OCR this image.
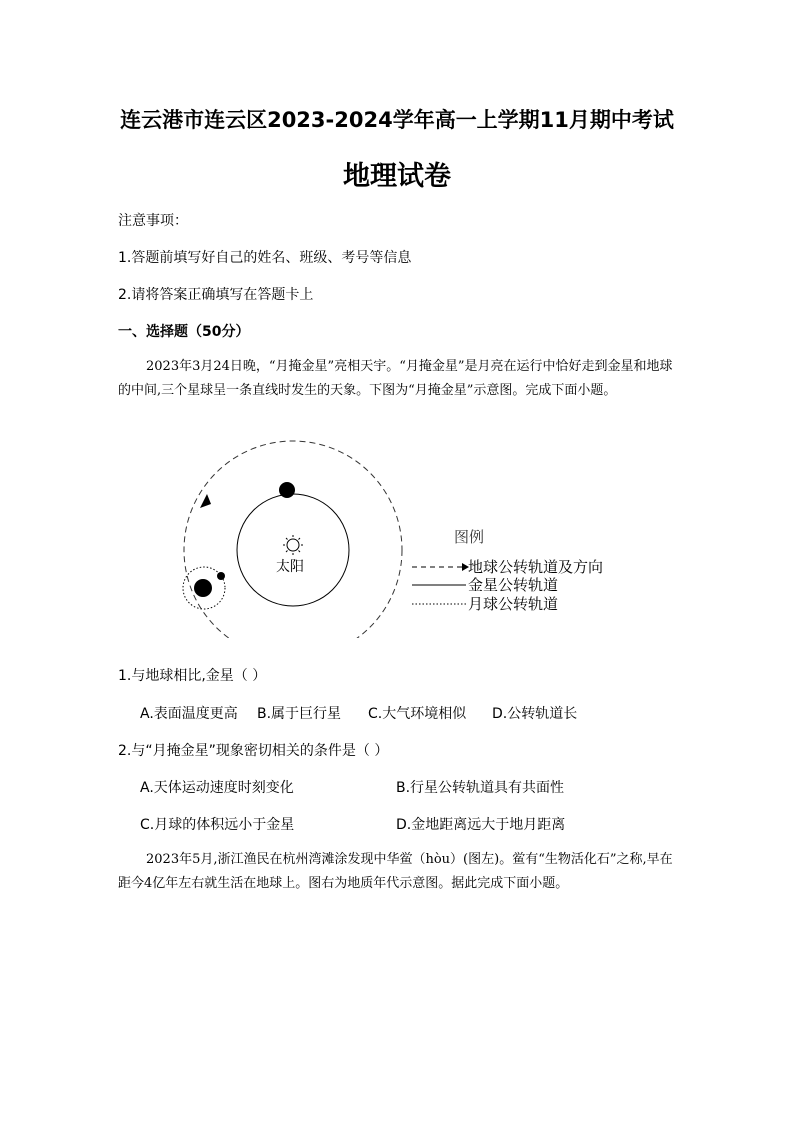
连云港市连云区2023-2024学年高一上学期11月期中考试
地理试卷
注意事项：
1.答题前填写好自己的姓名、班级、考号等信息
2.请将答案正确填写在答题卡上
一、选择题（50分）
2023年3月24日晚，“月掩金星”亮相天宇。“月掩金星”是月亮在运行中恰好走到金星和地球的中间,三个星球呈一条直线时发生的天象。下图为“月掩金星”示意图。完成下面小题。
太阳
图例
地球公转轨道及方向
金星公转轨道
月球公转轨道
1.与地球相比,金星（ ）
A.表面温度更高 B.属于巨行星 C.大气环境相似 D.公转轨道长
2.与“月掩金星”现象密切相关的条件是（ ）
A.天体运动速度时刻变化	B.行星公转轨道具有共面性
C.月球的体积远小于金星	D.金地距离远大于地月距离
2023年5月,浙江渔民在杭州湾滩涂发现中华鲎（hòu）(图左)。鲎有“生物活化石”之称,早在距今4亿年左右就生活在地球上。图右为地质年代示意图。据此完成下面小题。
